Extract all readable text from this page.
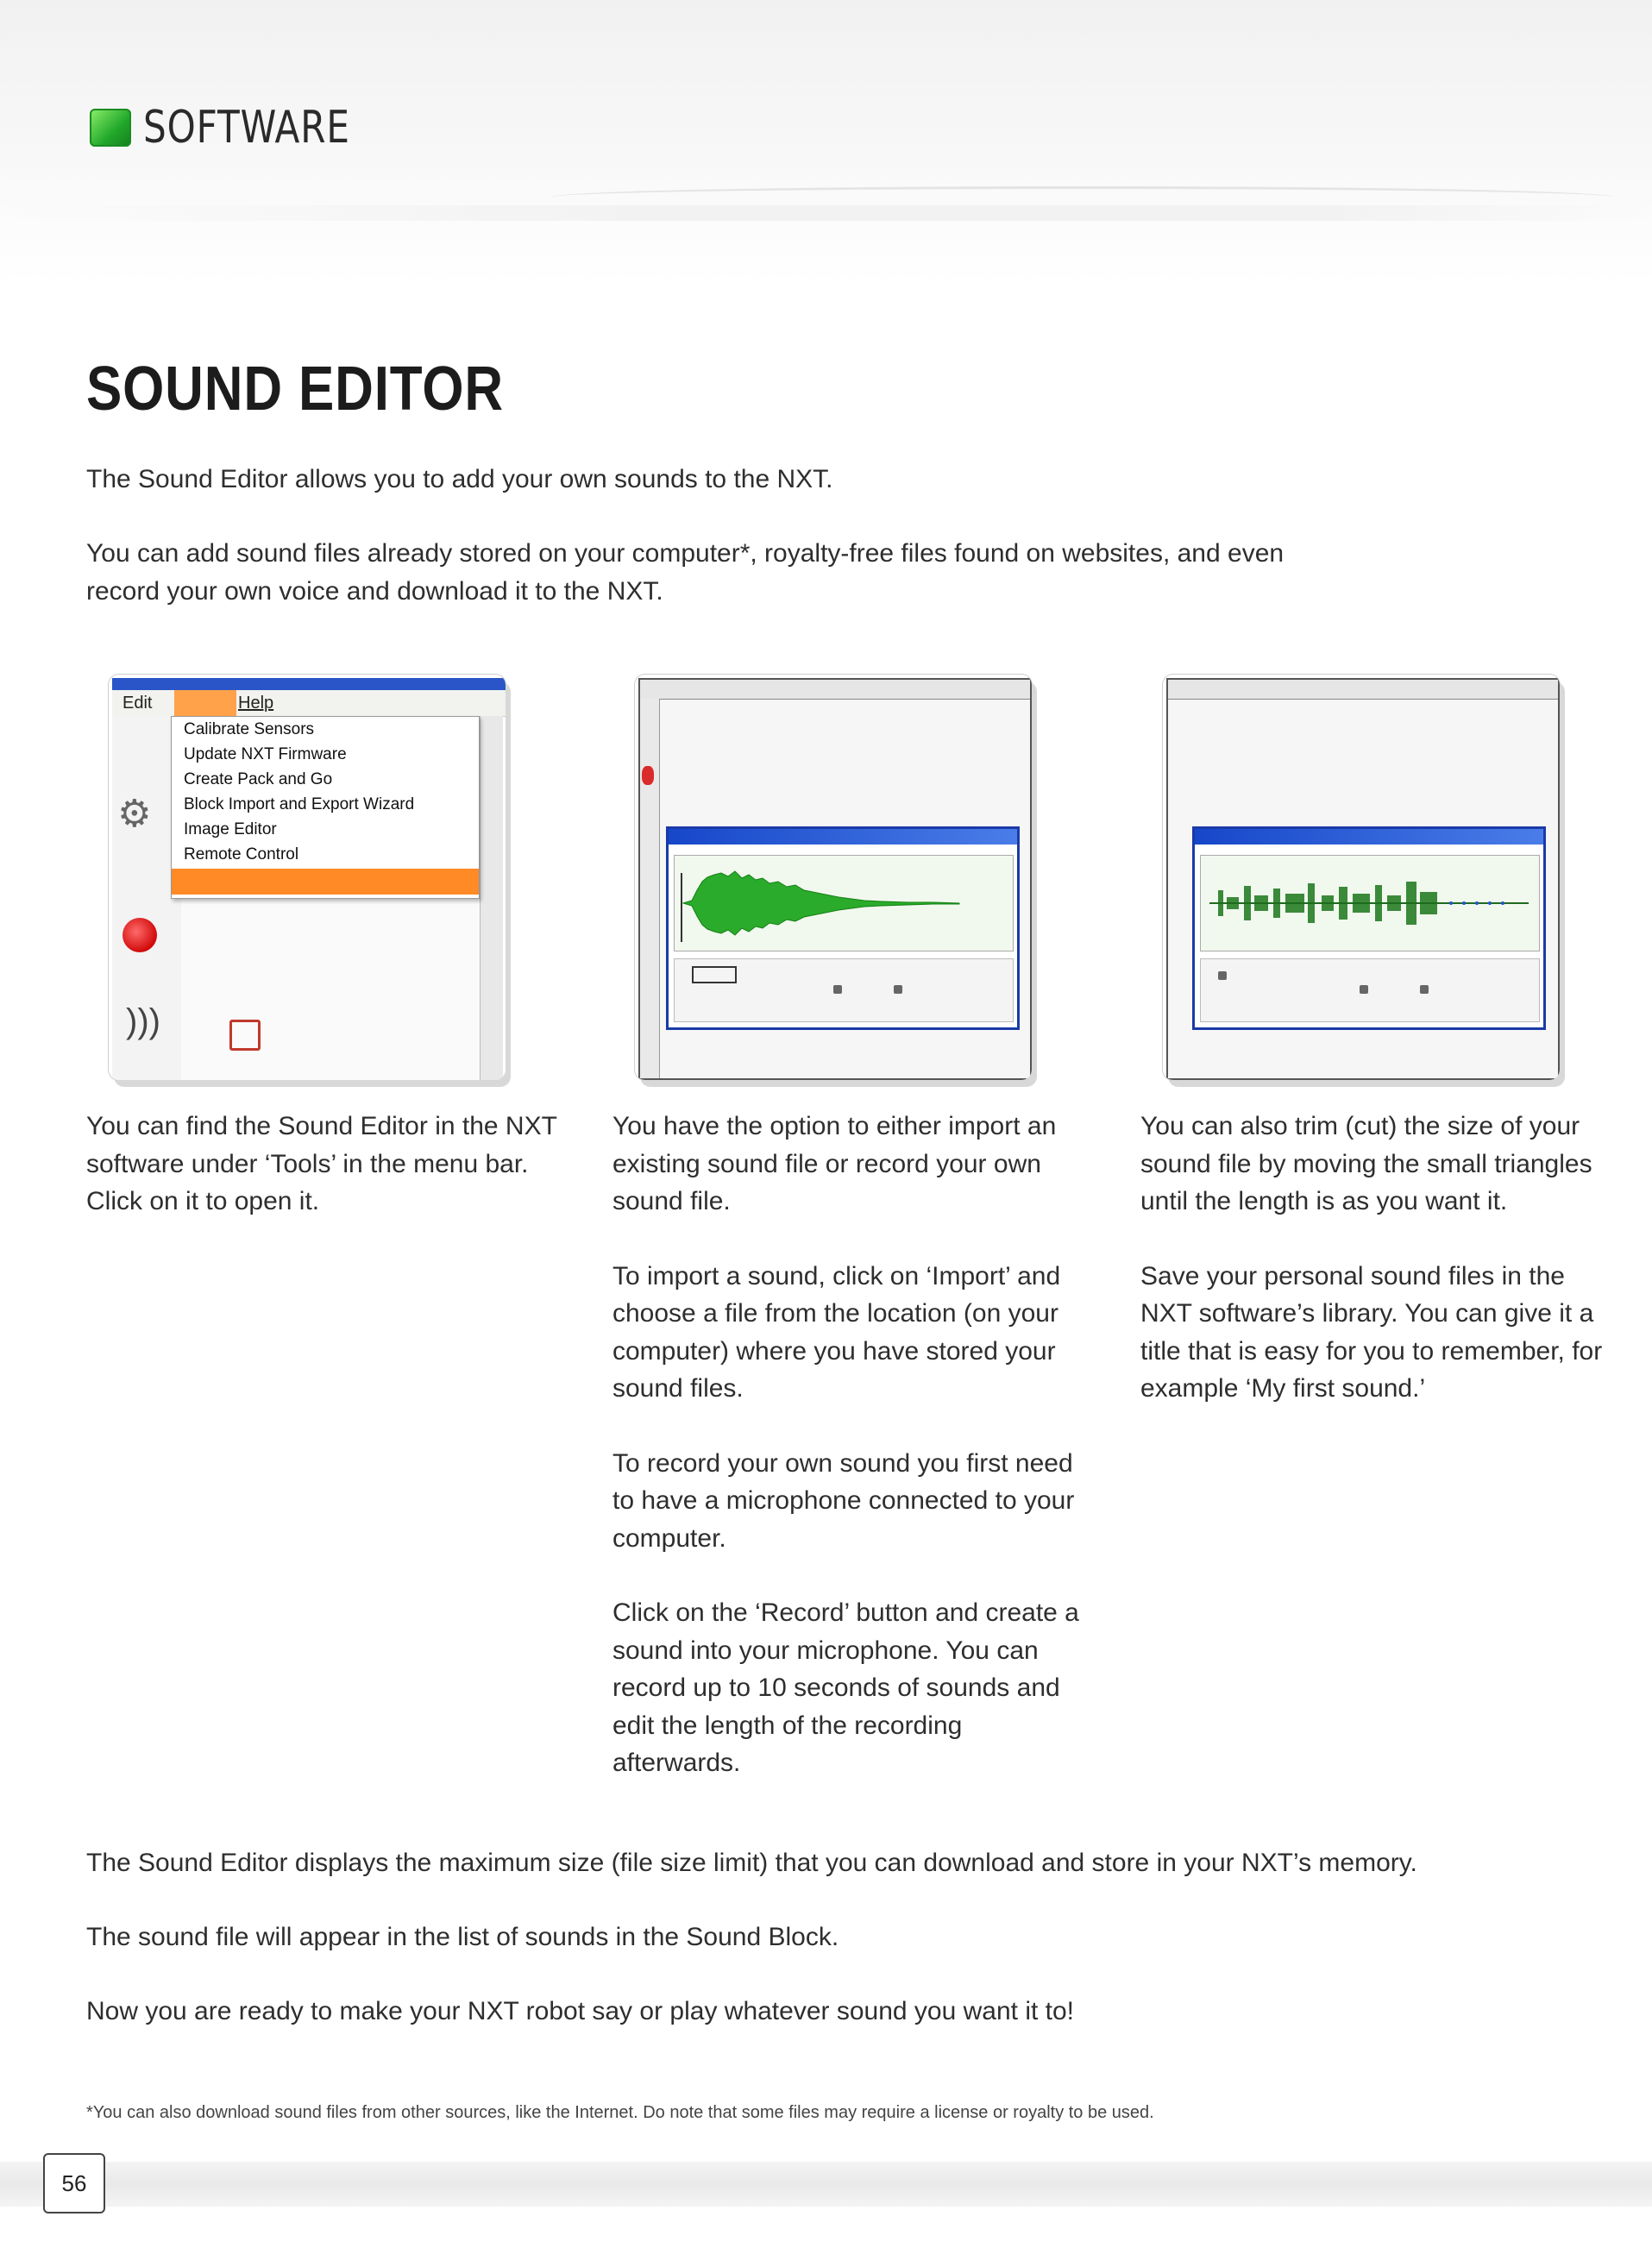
SOFTWARE
SOUND EDITOR
The Sound Editor allows you to add your own sounds to the NXT.
You can add sound files already stored on your computer*, royalty-free files found on websites, and even record your own voice and download it to the NXT.
Edit	Help
⚙
)))
Calibrate Sensors
Update NXT Firmware
Create Pack and Go
Block Import and Export Wizard
Image Editor
Remote Control

You can find the Sound Editor in the NXT software under ‘Tools’ in the menu bar. Click on it to open it.

You have the option to either import an existing sound file or record your own sound file.

To import a sound, click on ‘Import’ and choose a file from the location (on your computer) where you have stored your sound files.

To record your own sound you first need to have a microphone connected to your computer.

Click on the ‘Record’ button and create a sound into your microphone. You can record up to 10 seconds of sounds and edit the length of the recording afterwards.

You can also trim (cut) the size of your sound file by moving the small triangles until the length is as you want it.

Save your personal sound files in the NXT software’s library. You can give it a title that is easy for you to remember, for example ‘My first sound.’

The Sound Editor displays the maximum size (file size limit) that you can download and store in your NXT’s memory.
The sound file will appear in the list of sounds in the Sound Block.
Now you are ready to make your NXT robot say or play whatever sound you want it to!
*You can also download sound files from other sources, like the Internet. Do note that some files may require a license or royalty to be used.
56
